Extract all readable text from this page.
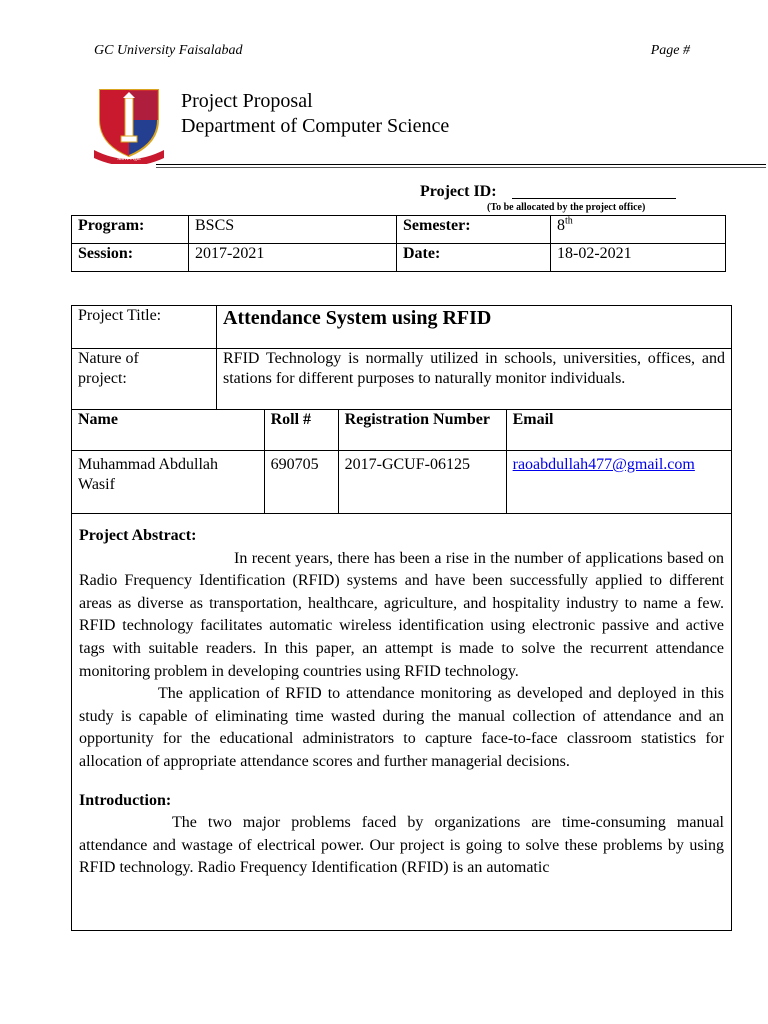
GC University Faisalabad	Page #
Move Fight
Project Proposal
Department of Computer Science
Project ID:
(To be allocated by the project office)
Program:	BSCS	Semester:	8th
Session:	2017-2021	Date:	18-02-2021
Project Title:	Attendance System using RFID			

Nature of
project:	RFID Technology is normally utilized in schools, universities, offices, and stations for different purposes to naturally monitor individuals.			
Name		Roll #	Registration Number	Email
Muhammad Abdullah Wasif		690705	2017-GCUF-06125	raoabdullah477@gmail.com

Project Abstract:

In recent years, there has been a rise in the number of applications based on Radio Frequency Identification (RFID) systems and have been successfully applied to different areas as diverse as transportation, healthcare, agriculture, and hospitality industry to name a few. RFID technology facilitates automatic wireless identification using electronic passive and active tags with suitable readers. In this paper, an attempt is made to solve the recurrent attendance monitoring problem in developing countries using RFID technology.

The application of RFID to attendance monitoring as developed and deployed in this study is capable of eliminating time wasted during the manual collection of attendance and an opportunity for the educational administrators to capture face-to-face classroom statistics for allocation of appropriate attendance scores and further managerial decisions.

Introduction:

The two major problems faced by organizations are time-consuming manual attendance and wastage of electrical power. Our project is going to solve these problems by using RFID technology. Radio Frequency Identification (RFID) is an automatic
